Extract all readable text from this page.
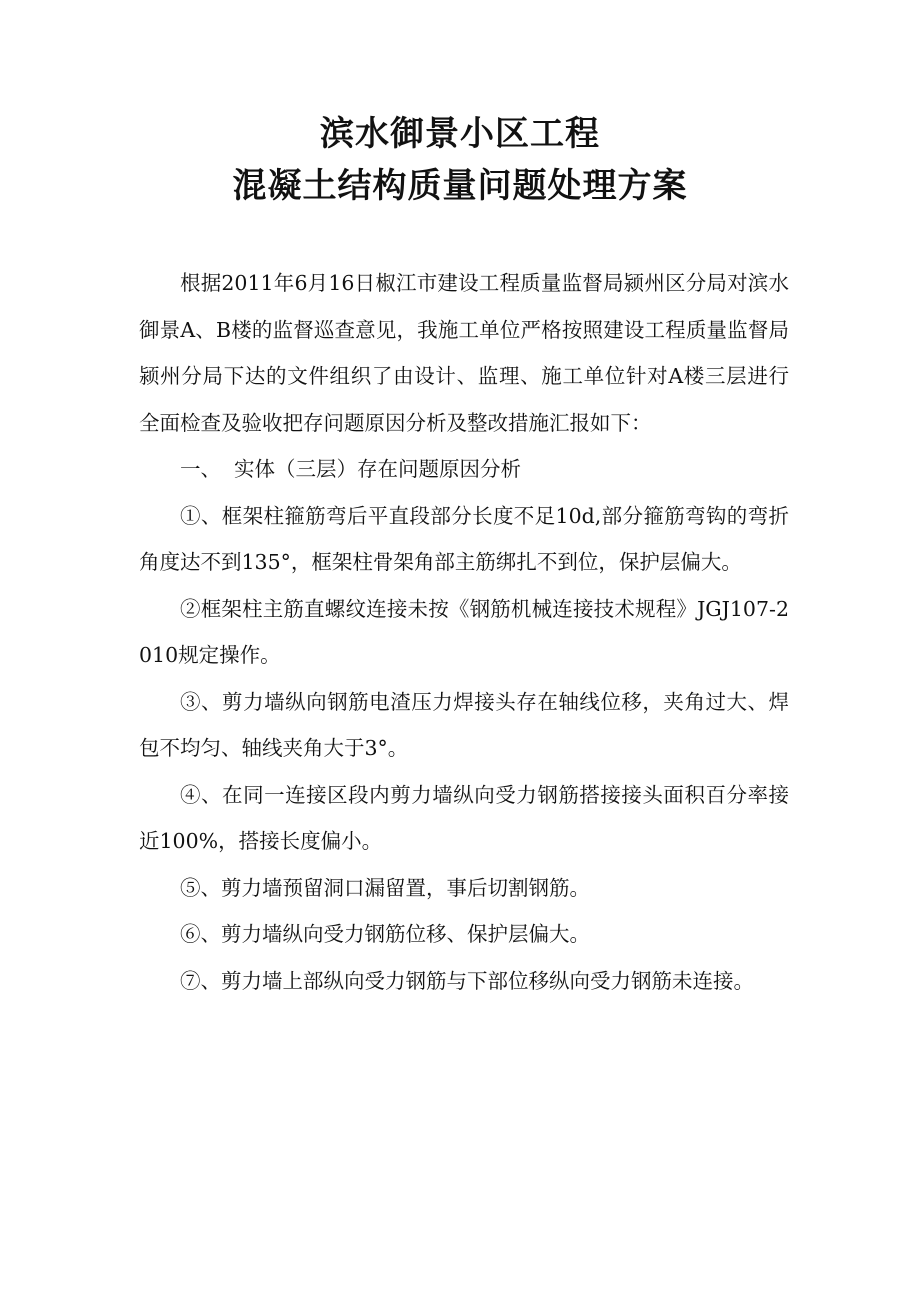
滨水御景小区工程
混凝土结构质量问题处理方案

根据2011年6月16日椒江市建设工程质量监督局颍州区分局对滨水御景A、B楼的监督巡查意见，我施工单位严格按照建设工程质量监督局颍州分局下达的文件组织了由设计、监理、施工单位针对A楼三层进行全面检查及验收把存问题原因分析及整改措施汇报如下：

一、  实体（三层）存在问题原因分析

①、框架柱箍筋弯后平直段部分长度不足10d,部分箍筋弯钩的弯折角度达不到135°，框架柱骨架角部主筋绑扎不到位，保护层偏大。

②框架柱主筋直螺纹连接未按《钢筋机械连接技术规程》JGJ107-2010规定操作。

③、剪力墙纵向钢筋电渣压力焊接头存在轴线位移，夹角过大、焊包不均匀、轴线夹角大于3°。

④、在同一连接区段内剪力墙纵向受力钢筋搭接接头面积百分率接近100%，搭接长度偏小。

⑤、剪力墙预留洞口漏留置，事后切割钢筋。

⑥、剪力墙纵向受力钢筋位移、保护层偏大。

⑦、剪力墙上部纵向受力钢筋与下部位移纵向受力钢筋未连接。
